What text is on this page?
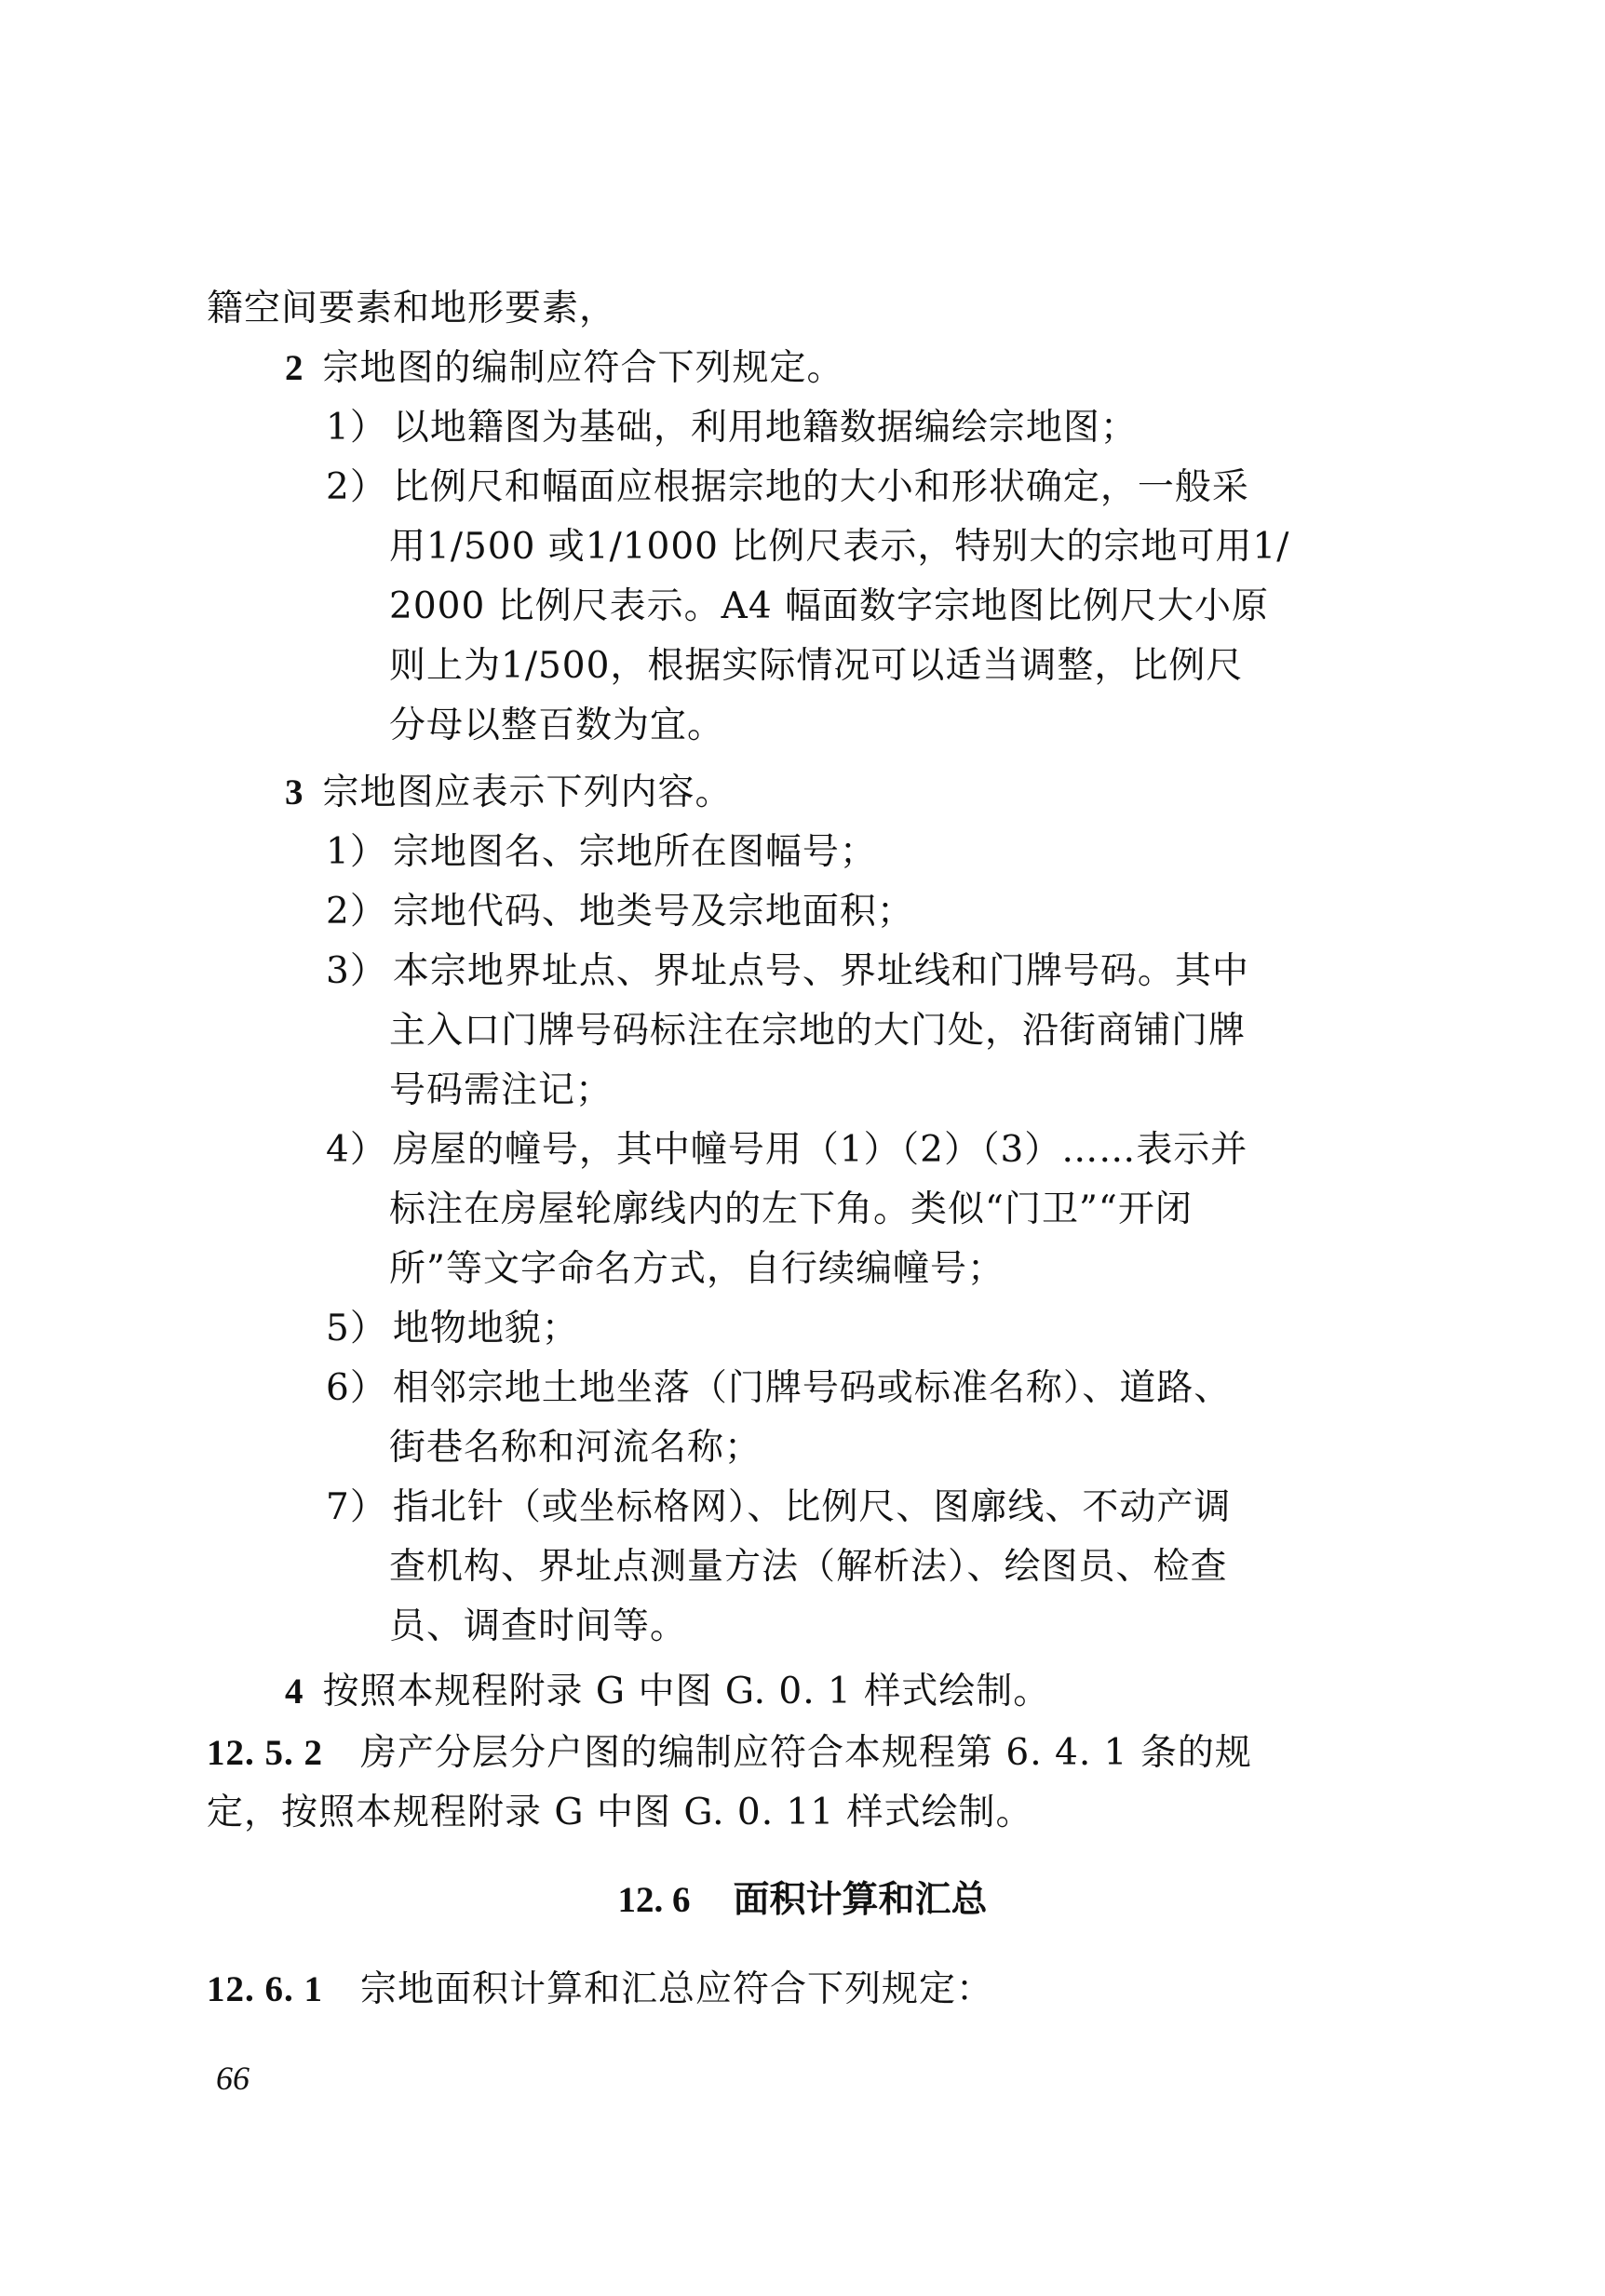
籍空间要素和地形要素，
2 宗地图的编制应符合下列规定。
1） 以地籍图为基础，利用地籍数据编绘宗地图；
2） 比例尺和幅面应根据宗地的大小和形状确定，一般采
用1/500 或1/1000 比例尺表示，特别大的宗地可用1/
2000 比例尺表示。A4 幅面数字宗地图比例尺大小原
则上为1/500，根据实际情况可以适当调整，比例尺
分母以整百数为宜。
3 宗地图应表示下列内容。
1） 宗地图名、宗地所在图幅号；
2） 宗地代码、地类号及宗地面积；
3） 本宗地界址点、界址点号、界址线和门牌号码。其中
主入口门牌号码标注在宗地的大门处，沿街商铺门牌
号码需注记；
4） 房屋的幢号，其中幢号用（1）（2）（3）……表示并
标注在房屋轮廓线内的左下角。类似“门卫”“开闭
所”等文字命名方式，自行续编幢号；
5） 地物地貌；
6） 相邻宗地土地坐落（门牌号码或标准名称）、道路、
街巷名称和河流名称；
7） 指北针（或坐标格网）、比例尺、图廓线、不动产调
查机构、界址点测量方法（解析法）、绘图员、检查
员、调查时间等。
4 按照本规程附录 G 中图 G. 0. 1 样式绘制。
12. 5. 2 房产分层分户图的编制应符合本规程第 6. 4. 1 条的规
定，按照本规程附录 G 中图 G. 0. 11 样式绘制。
12. 6 面积计算和汇总
12. 6. 1 宗地面积计算和汇总应符合下列规定：
66
